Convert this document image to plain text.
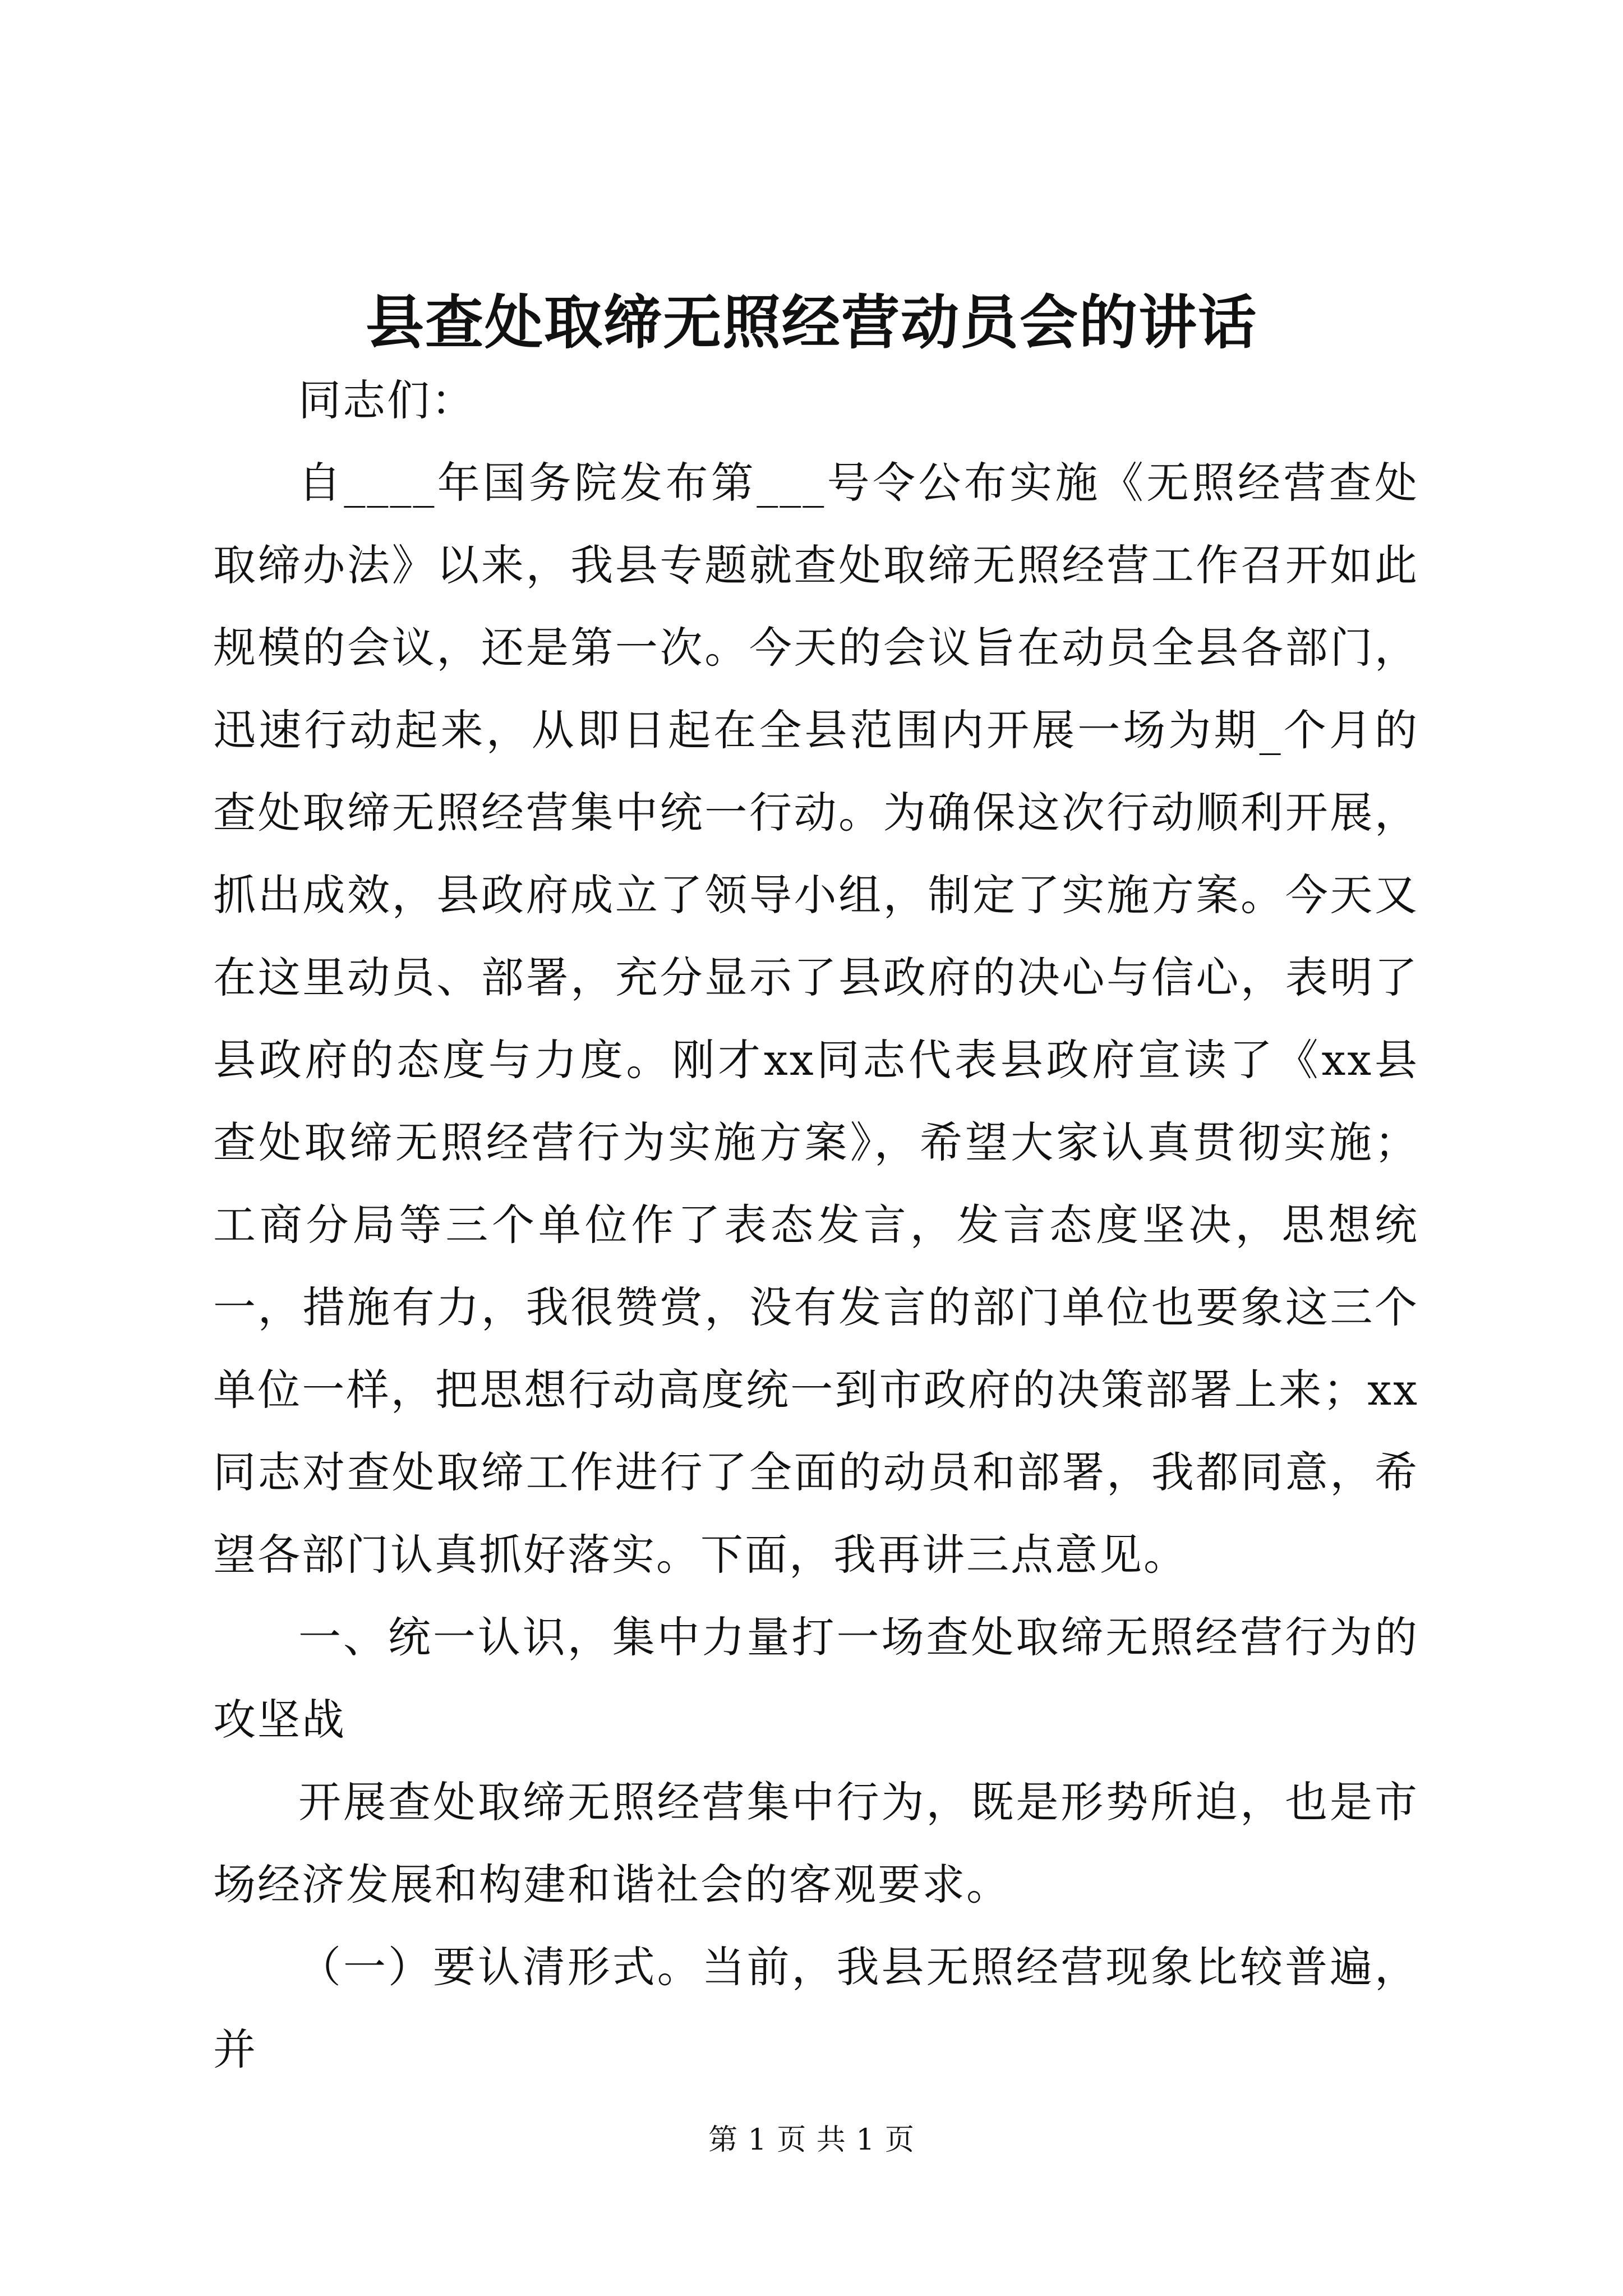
县查处取缔无照经营动员会的讲话

同志们：

自____年国务院发布第___号令公布实施《无照经营查处取缔办法》以来，我县专题就查处取缔无照经营工作召开如此规模的会议，还是第一次。今天的会议旨在动员全县各部门，迅速行动起来，从即日起在全县范围内开展一场为期_个月的查处取缔无照经营集中统一行动。为确保这次行动顺利开展，抓出成效，县政府成立了领导小组，制定了实施方案。今天又在这里动员、部署，充分显示了县政府的决心与信心，表明了县政府的态度与力度。刚才xx同志代表县政府宣读了《xx县查处取缔无照经营行为实施方案》，希望大家认真贯彻实施；工商分局等三个单位作了表态发言，发言态度坚决，思想统一，措施有力，我很赞赏，没有发言的部门单位也要象这三个单位一样，把思想行动高度统一到市政府的决策部署上来；xx同志对查处取缔工作进行了全面的动员和部署，我都同意，希望各部门认真抓好落实。下面，我再讲三点意见。

一、统一认识，集中力量打一场查处取缔无照经营行为的攻坚战

开展查处取缔无照经营集中行为，既是形势所迫，也是市场经济发展和构建和谐社会的客观要求。

（一）要认清形式。当前，我县无照经营现象比较普遍，并

第 1 页 共 1 页
